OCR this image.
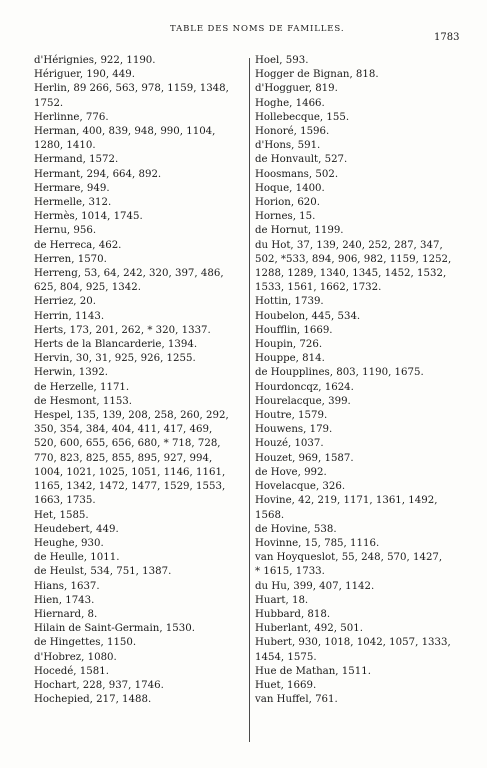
TABLE DES NOMS DE FAMILLES.
1783
d'Hérignies, 922, 1190.
Hériguer, 190, 449.
Herlin, 89 266, 563, 978, 1159, 1348,
1752.
Herlinne, 776.
Herman, 400, 839, 948, 990, 1104,
1280, 1410.
Hermand, 1572.
Hermant, 294, 664, 892.
Hermare, 949.
Hermelle, 312.
Hermès, 1014, 1745.
Hernu, 956.
de Herreca, 462.
Herren, 1570.
Herreng, 53, 64, 242, 320, 397, 486,
625, 804, 925, 1342.
Herriez, 20.
Herrin, 1143.
Herts, 173, 201, 262, * 320, 1337.
Herts de la Blancarderie, 1394.
Hervin, 30, 31, 925, 926, 1255.
Herwin, 1392.
de Herzelle, 1171.
de Hesmont, 1153.
Hespel, 135, 139, 208, 258, 260, 292,
350, 354, 384, 404, 411, 417, 469,
520, 600, 655, 656, 680, * 718, 728,
770, 823, 825, 855, 895, 927, 994,
1004, 1021, 1025, 1051, 1146, 1161,
1165, 1342, 1472, 1477, 1529, 1553,
1663, 1735.
Het, 1585.
Heudebert, 449.
Heughe, 930.
de Heulle, 1011.
de Heulst, 534, 751, 1387.
Hians, 1637.
Hien, 1743.
Hiernard, 8.
Hilain de Saint-Germain, 1530.
de Hingettes, 1150.
d'Hobrez, 1080.
Hocedé, 1581.
Hochart, 228, 937, 1746.
Hochepied, 217, 1488.
Hoel, 593.
Hogger de Bignan, 818.
d'Hogguer, 819.
Hoghe, 1466.
Hollebecque, 155.
Honoré, 1596.
d'Hons, 591.
de Honvault, 527.
Hoosmans, 502.
Hoque, 1400.
Horion, 620.
Hornes, 15.
de Hornut, 1199.
du Hot, 37, 139, 240, 252, 287, 347,
502, *533, 894, 906, 982, 1159, 1252,
1288, 1289, 1340, 1345, 1452, 1532,
1533, 1561, 1662, 1732.
Hottin, 1739.
Houbelon, 445, 534.
Houfflin, 1669.
Houpin, 726.
Houppe, 814.
de Houpplines, 803, 1190, 1675.
Hourdoncqz, 1624.
Hourelacque, 399.
Houtre, 1579.
Houwens, 179.
Houzé, 1037.
Houzet, 969, 1587.
de Hove, 992.
Hovelacque, 326.
Hovine, 42, 219, 1171, 1361, 1492,
1568.
de Hovine, 538.
Hovinne, 15, 785, 1116.
van Hoyqueslot, 55, 248, 570, 1427,
* 1615, 1733.
du Hu, 399, 407, 1142.
Huart, 18.
Hubbard, 818.
Huberlant, 492, 501.
Hubert, 930, 1018, 1042, 1057, 1333,
1454, 1575.
Hue de Mathan, 1511.
Huet, 1669.
van Huffel, 761.
